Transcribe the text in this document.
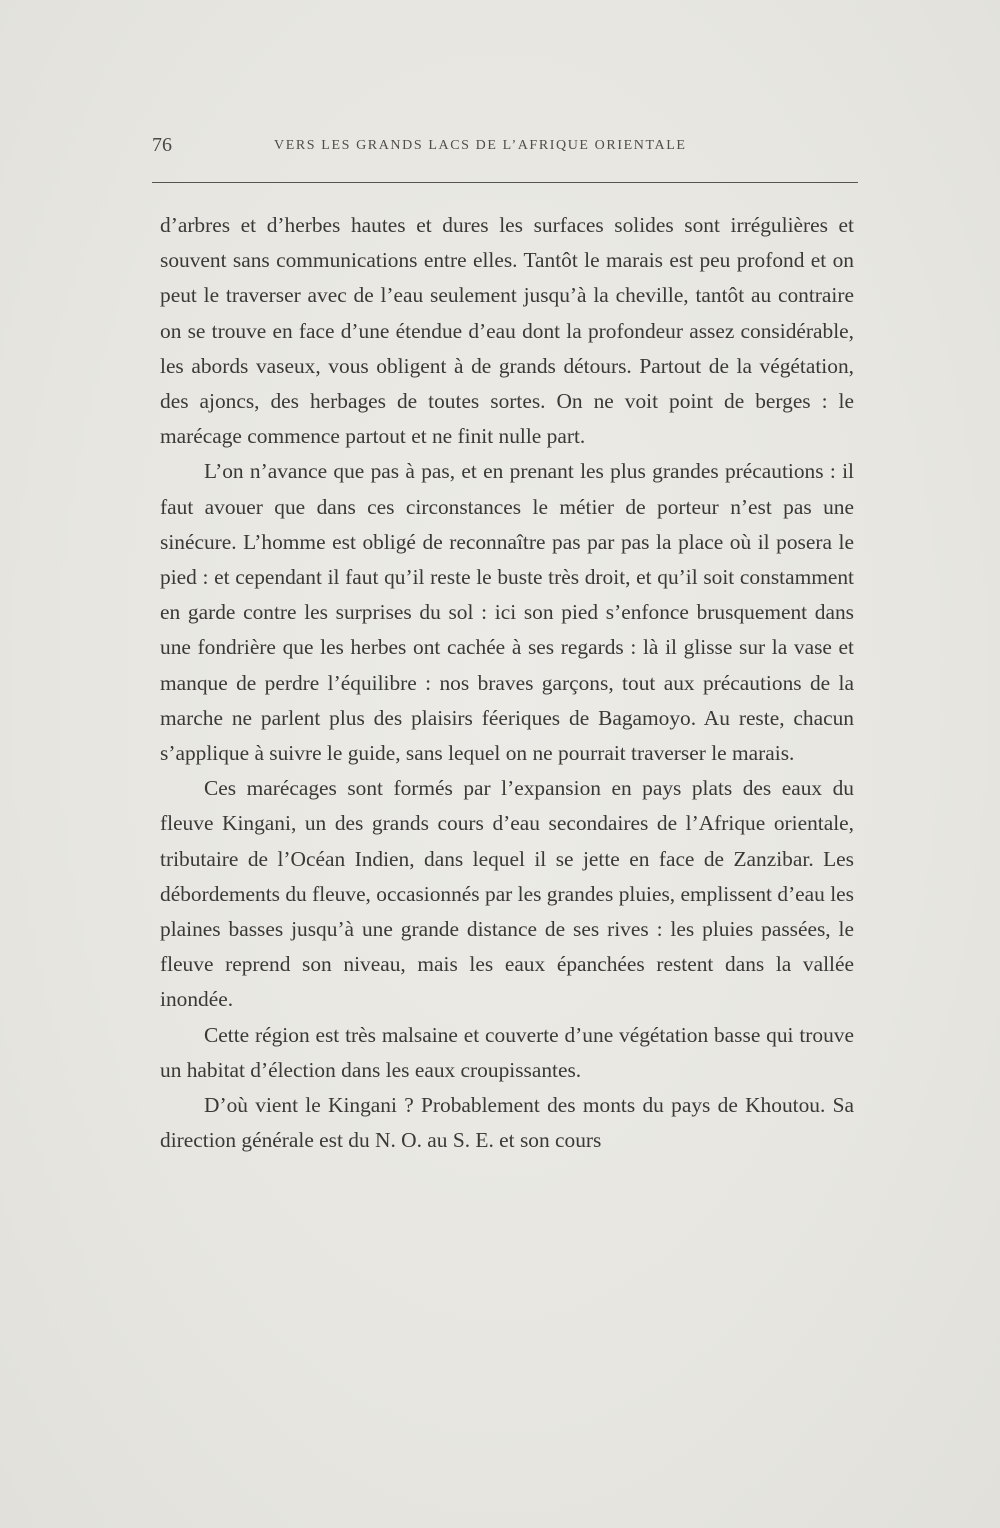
76	VERS LES GRANDS LACS DE L’AFRIQUE ORIENTALE

d’arbres et d’herbes hautes et dures les surfaces solides sont irrégulières et souvent sans communications entre elles. Tantôt le marais est peu profond et on peut le traverser avec de l’eau seulement jusqu’à la cheville, tantôt au contraire on se trouve en face d’une étendue d’eau dont la profondeur assez considérable, les abords vaseux, vous obligent à de grands détours. Partout de la végétation, des ajoncs, des herbages de toutes sortes. On ne voit point de berges : le marécage commence partout et ne finit nulle part.

L’on n’avance que pas à pas, et en prenant les plus grandes précautions : il faut avouer que dans ces circonstances le métier de porteur n’est pas une sinécure. L’homme est obligé de reconnaître pas par pas la place où il posera le pied : et cependant il faut qu’il reste le buste très droit, et qu’il soit constamment en garde contre les surprises du sol : ici son pied s’enfonce brusquement dans une fondrière que les herbes ont cachée à ses regards : là il glisse sur la vase et manque de perdre l’équilibre : nos braves garçons, tout aux précautions de la marche ne parlent plus des plaisirs féeriques de Bagamoyo. Au reste, chacun s’applique à suivre le guide, sans lequel on ne pourrait traverser le marais.

Ces marécages sont formés par l’expansion en pays plats des eaux du fleuve Kingani, un des grands cours d’eau secondaires de l’Afrique orientale, tributaire de l’Océan Indien, dans lequel il se jette en face de Zanzibar. Les débordements du fleuve, occasionnés par les grandes pluies, emplissent d’eau les plaines basses jusqu’à une grande distance de ses rives : les pluies passées, le fleuve reprend son niveau, mais les eaux épanchées restent dans la vallée inondée.

Cette région est très malsaine et couverte d’une végétation basse qui trouve un habitat d’élection dans les eaux croupissantes.

D’où vient le Kingani ? Probablement des monts du pays de Khoutou. Sa direction générale est du N. O. au S. E. et son cours
